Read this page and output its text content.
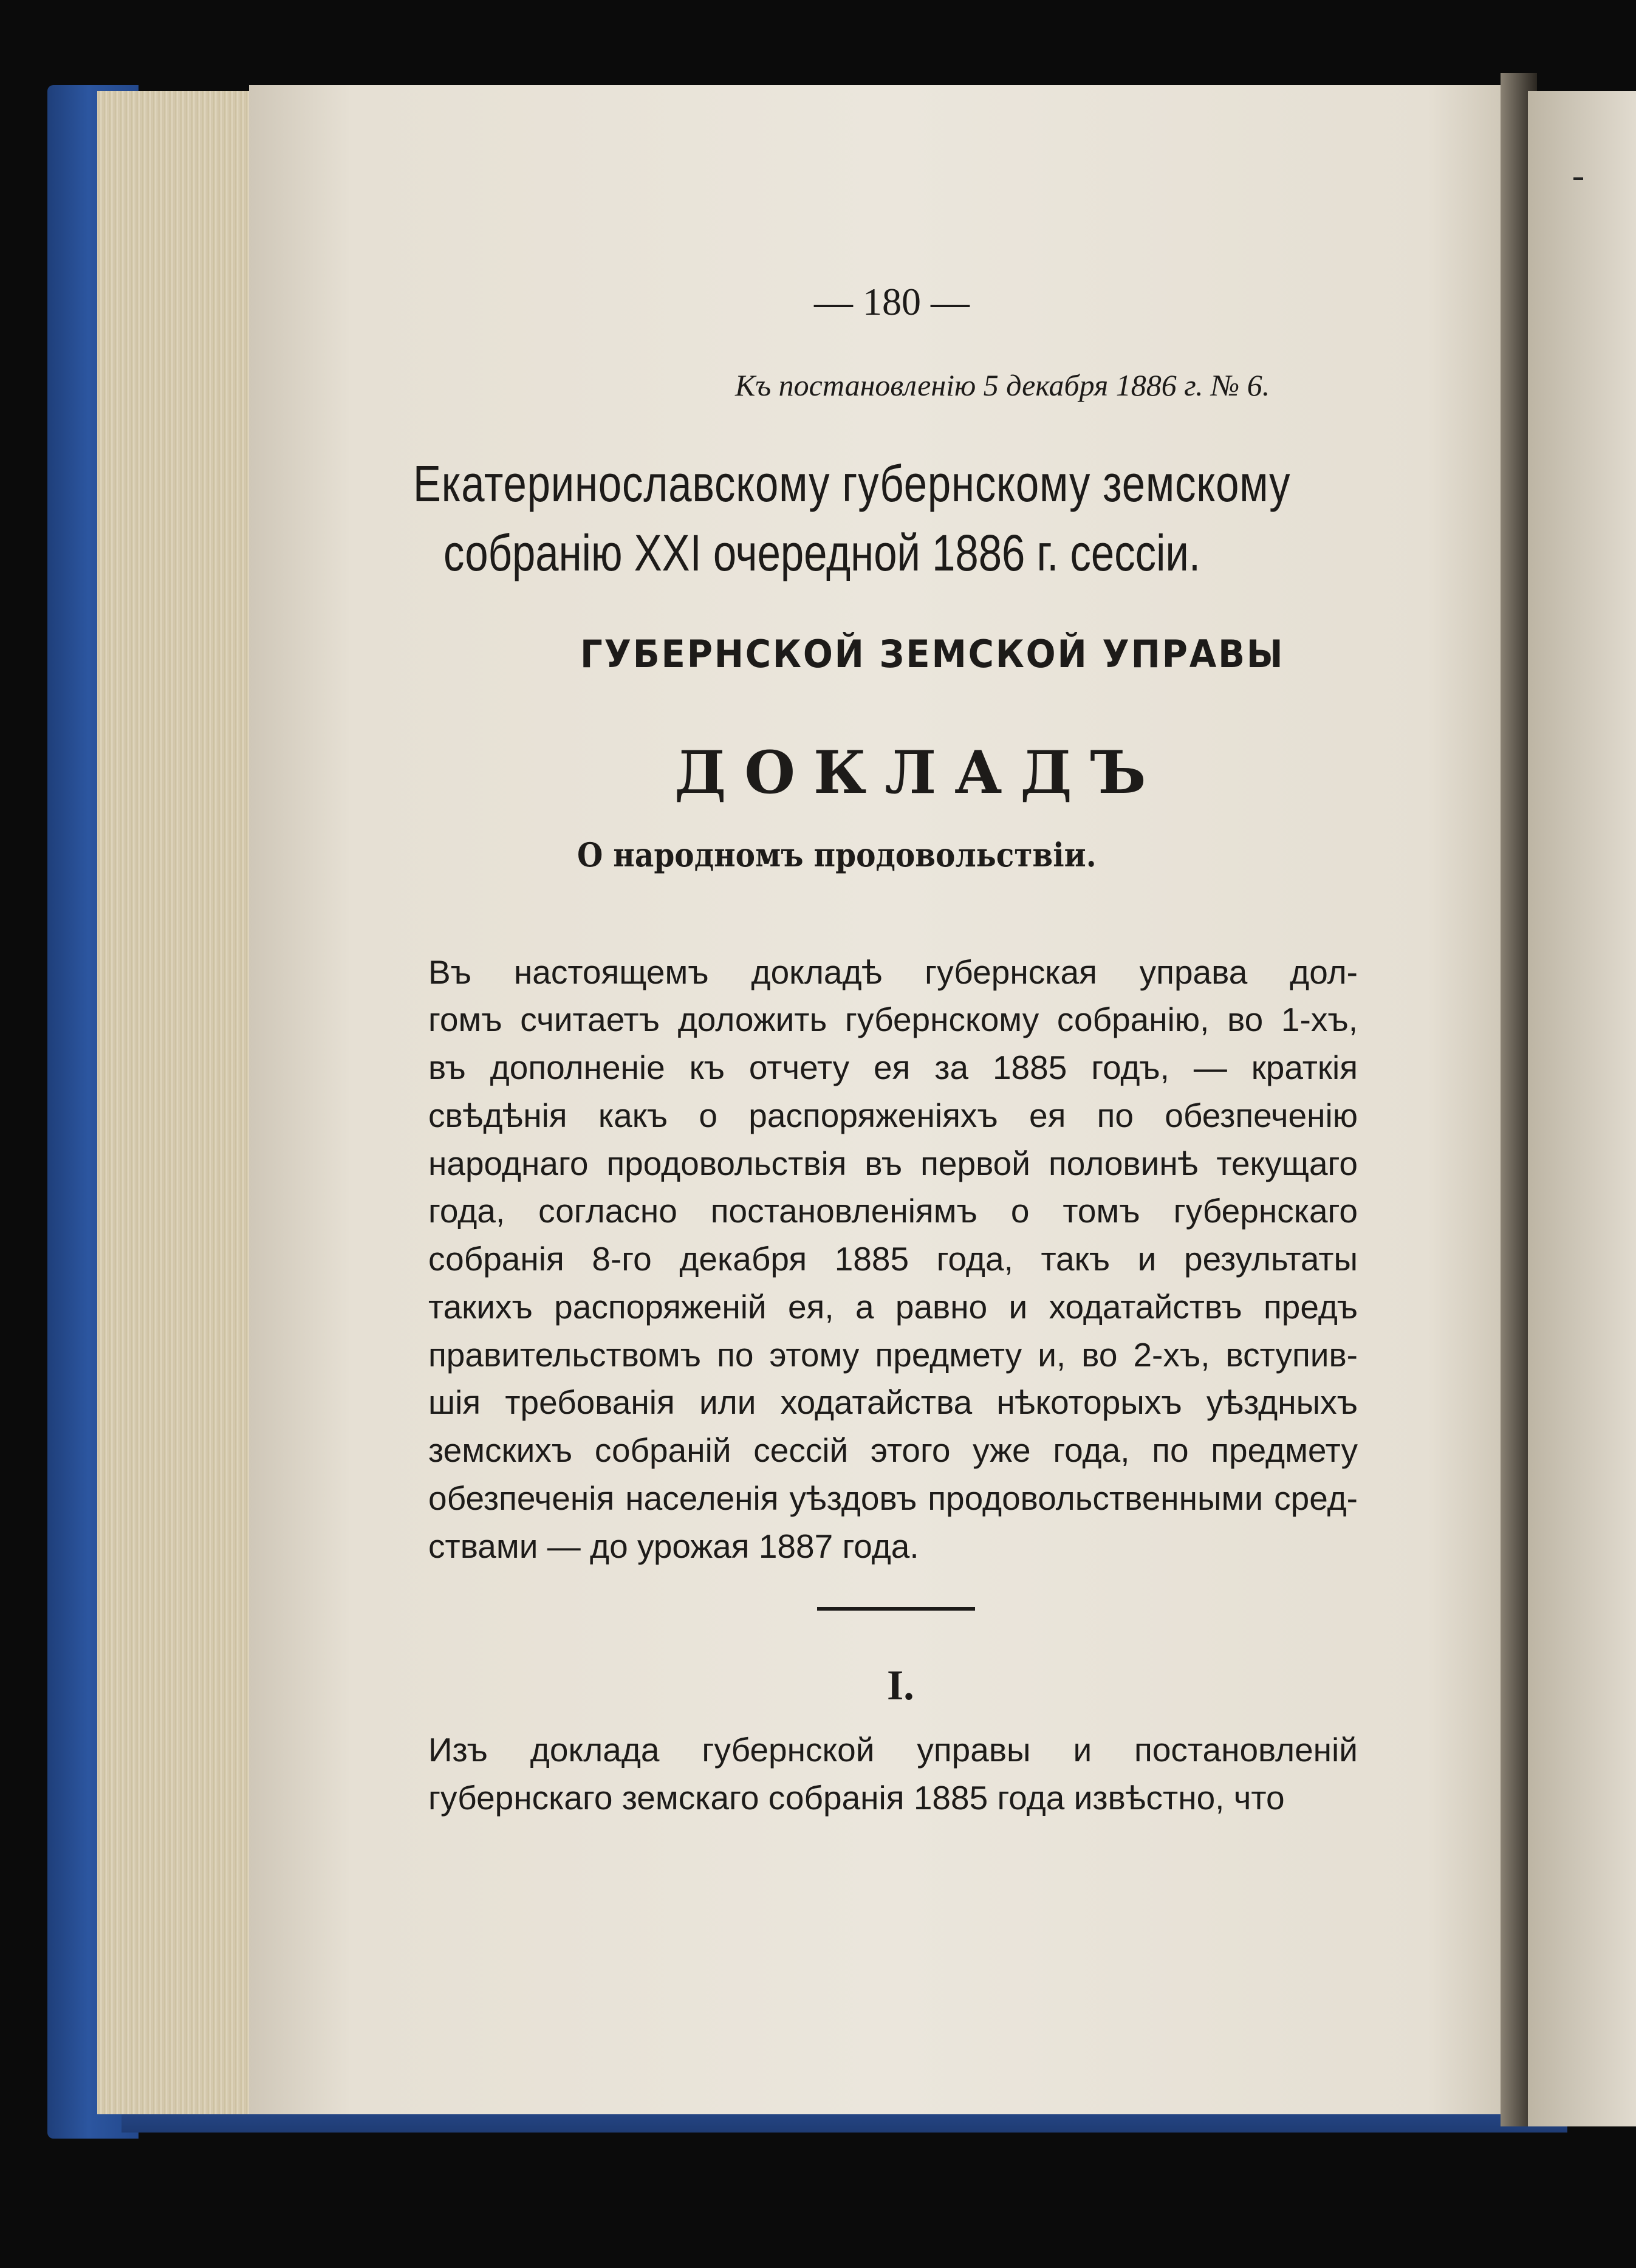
— 180 —
Къ постановленію 5 декабря 1886 г. № 6.
Екатеринославскому губернскому земскому
собранію XXI очередной 1886 г. сессіи.
ГУБЕРНСКОЙ ЗЕМСКОЙ УПРАВЫ
ДОКЛАДЪ
О народномъ продовольствіи.
Въ настоящемъ докладѣ губернская управа дол-
гомъ считаетъ доложить губернскому собранію, во 1-хъ,
въ дополненіе къ отчету ея за 1885 годъ, — краткія
свѣдѣнія какъ о распоряженіяхъ ея по обезпеченію
народнаго продовольствія въ первой половинѣ текущаго
года, согласно постановленіямъ о томъ губернскаго
собранія 8-го декабря 1885 года, такъ и результаты
такихъ распоряженій ея, а равно и ходатайствъ предъ
правительствомъ по этому предмету и, во 2-хъ, вступив-
шія требованія или ходатайства нѣкоторыхъ уѣздныхъ
земскихъ собраній сессій этого уже года, по предмету
обезпеченія населенія уѣздовъ продовольственными сред-
ствами — до урожая 1887 года.
I.
Изъ доклада губернской управы и постановленій
губернскаго земскаго собранія 1885 года извѣстно, что
